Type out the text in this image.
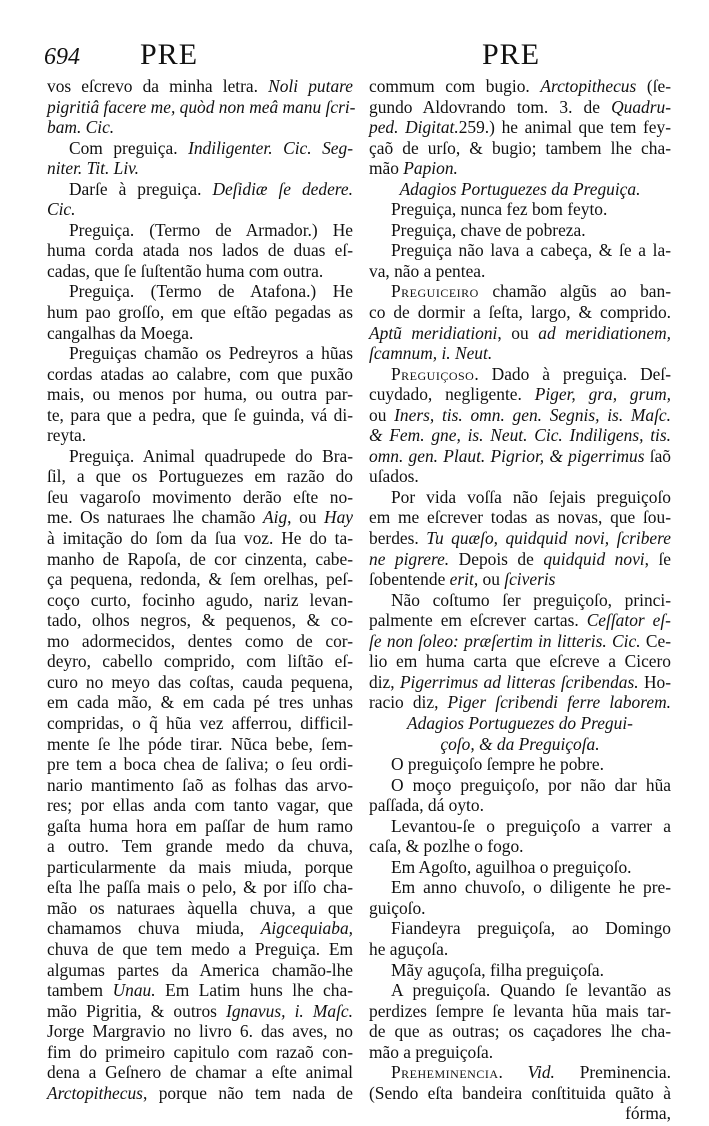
694 PRE	PRE
vos eſcrevo da minha letra. Noli putare
pigritiâ facere me, quòd non meâ manu ſcri-
bam. Cic.
Com preguiça. Indiligenter. Cic. Seg-
niter. Tit. Liv.
Darſe à preguiça. Deſidiæ ſe dedere.
Cic.
Preguiça. (Termo de Armador.) He
huma corda atada nos lados de duas eſ-
cadas, que ſe ſuſtentão huma com outra.
Preguiça. (Termo de Atafona.) He
hum pao groſſo, em que eſtão pegadas as
cangalhas da Moega.
Preguiças chamão os Pedreyros a hũas
cordas atadas ao calabre, com que puxão
mais, ou menos por huma, ou outra par-
te, para que a pedra, que ſe guinda, vá di-
reyta.
Preguiça. Animal quadrupede do Bra-
ſil, a que os Portuguezes em razão do
ſeu vagaroſo movimento derão eſte no-
me. Os naturaes lhe chamão Aig, ou Hay
à imitação do ſom da ſua voz. He do ta-
manho de Rapoſa, de cor cinzenta, cabe-
ça pequena, redonda, & ſem orelhas, peſ-
coço curto, focinho agudo, nariz levan-
tado, olhos negros, & pequenos, & co-
mo adormecidos, dentes como de cor-
deyro, cabello comprido, com liſtão eſ-
curo no meyo das coſtas, cauda pequena,
em cada mão, & em cada pé tres unhas
compridas, o q̃ hũa vez afferrou, difficil-
mente ſe lhe póde tirar. Nũca bebe, ſem-
pre tem a boca chea de ſaliva; o ſeu ordi-
nario mantimento ſaõ as folhas das arvo-
res; por ellas anda com tanto vagar, que
gaſta huma hora em paſſar de hum ramo
a outro. Tem grande medo da chuva,
particularmente da mais miuda, porque
eſta lhe paſſa mais o pelo, & por iſſo cha-
mão os naturaes àquella chuva, a que
chamamos chuva miuda, Aigcequiaba,
chuva de que tem medo a Preguiça. Em
algumas partes da America chamão-lhe
tambem Unau. Em Latim huns lhe cha-
mão Pigritia, & outros Ignavus, i. Maſc.
Jorge Margravio no livro 6. das aves, no
fim do primeiro capitulo com razaõ con-
dena a Geſnero de chamar a eſte animal
Arctopithecus, porque não tem nada de
commum com bugio. Arctopithecus (ſe-
gundo Aldovrando tom. 3. de Quadru-
ped. Digitat.259.) he animal que tem fey-
çaõ de urſo, & bugio; tambem lhe cha-
mão Papion.
Adagios Portuguezes da Preguiça.
Preguiça, nunca fez bom feyto.
Preguiça, chave de pobreza.
Preguiça não lava a cabeça, & ſe a la-
va, não a pentea.
Preguiceiro chamão algũs ao ban-
co de dormir a ſeſta, largo, & comprido.
Aptũ meridiationi, ou ad meridiationem,
ſcamnum, i. Neut.
Preguiçoso. Dado à preguiça. Deſ-
cuydado, negligente. Piger, gra, grum,
ou Iners, tis. omn. gen. Segnis, is. Maſc.
& Fem. gne, is. Neut. Cic. Indiligens, tis.
omn. gen. Plaut. Pigrior, & pigerrimus ſaõ
uſados.
Por vida voſſa não ſejais preguiçoſo
em me eſcrever todas as novas, que ſou-
berdes. Tu quæſo, quidquid novi, ſcribere
ne pigrere. Depois de quidquid novi, ſe
ſobentende erit, ou ſciveris
Não coſtumo ſer preguiçoſo, princi-
palmente em eſcrever cartas. Ceſſator eſ-
ſe non ſoleo: præſertim in litteris. Cic. Ce-
lio em huma carta que eſcreve a Cicero
diz, Pigerrimus ad litteras ſcribendas. Ho-
racio diz, Piger ſcribendi ferre laborem.
Adagios Portuguezes do Pregui-
çoſo, & da Preguiçoſa.
O preguiçoſo ſempre he pobre.
O moço preguiçoſo, por não dar hũa
paſſada, dá oyto.
Levantou-ſe o preguiçoſo a varrer a
caſa, & pozlhe o fogo.
Em Agoſto, aguilhoa o preguiçoſo.
Em anno chuvoſo, o diligente he pre-
guiçoſo.
Fiandeyra preguiçoſa, ao Domingo
he aguçoſa.
Mãy aguçoſa, filha preguiçoſa.
A preguiçoſa. Quando ſe levantão as
perdizes ſempre ſe levanta hũa mais tar-
de que as outras; os caçadores lhe cha-
mão a preguiçoſa.
Preheminencia. Vid. Preminencia.
(Sendo eſta bandeira conſtituida quãto à
fórma,
